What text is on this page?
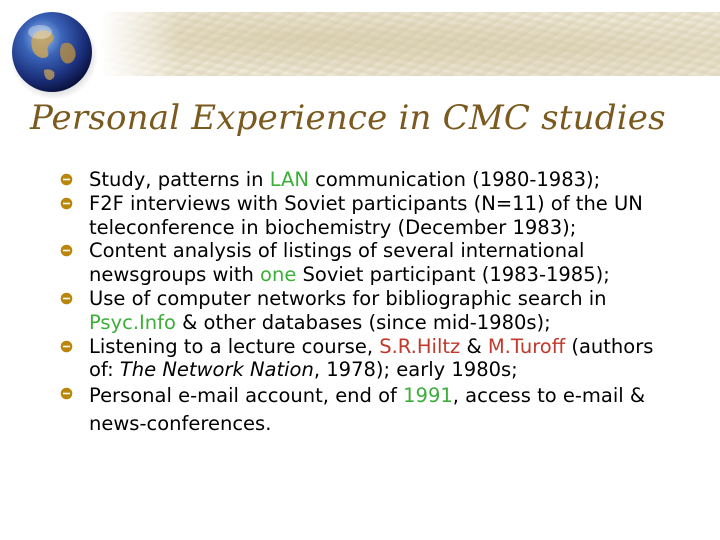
Personal Experience in CMC studies
Study, patterns in LAN communication (1980-1983);
F2F interviews with Soviet participants (N=11) of the UN teleconference in biochemistry (December 1983);
Content analysis of listings of several international newsgroups with one Soviet participant (1983-1985);
Use of computer networks for bibliographic search in Psyc.Info & other databases (since mid-1980s);
Listening to a lecture course, S.R.Hiltz & M.Turoff (authors of: The Network Nation, 1978); early 1980s;
Personal e-mail account, end of 1991, access to e-mail & news-conferences.
